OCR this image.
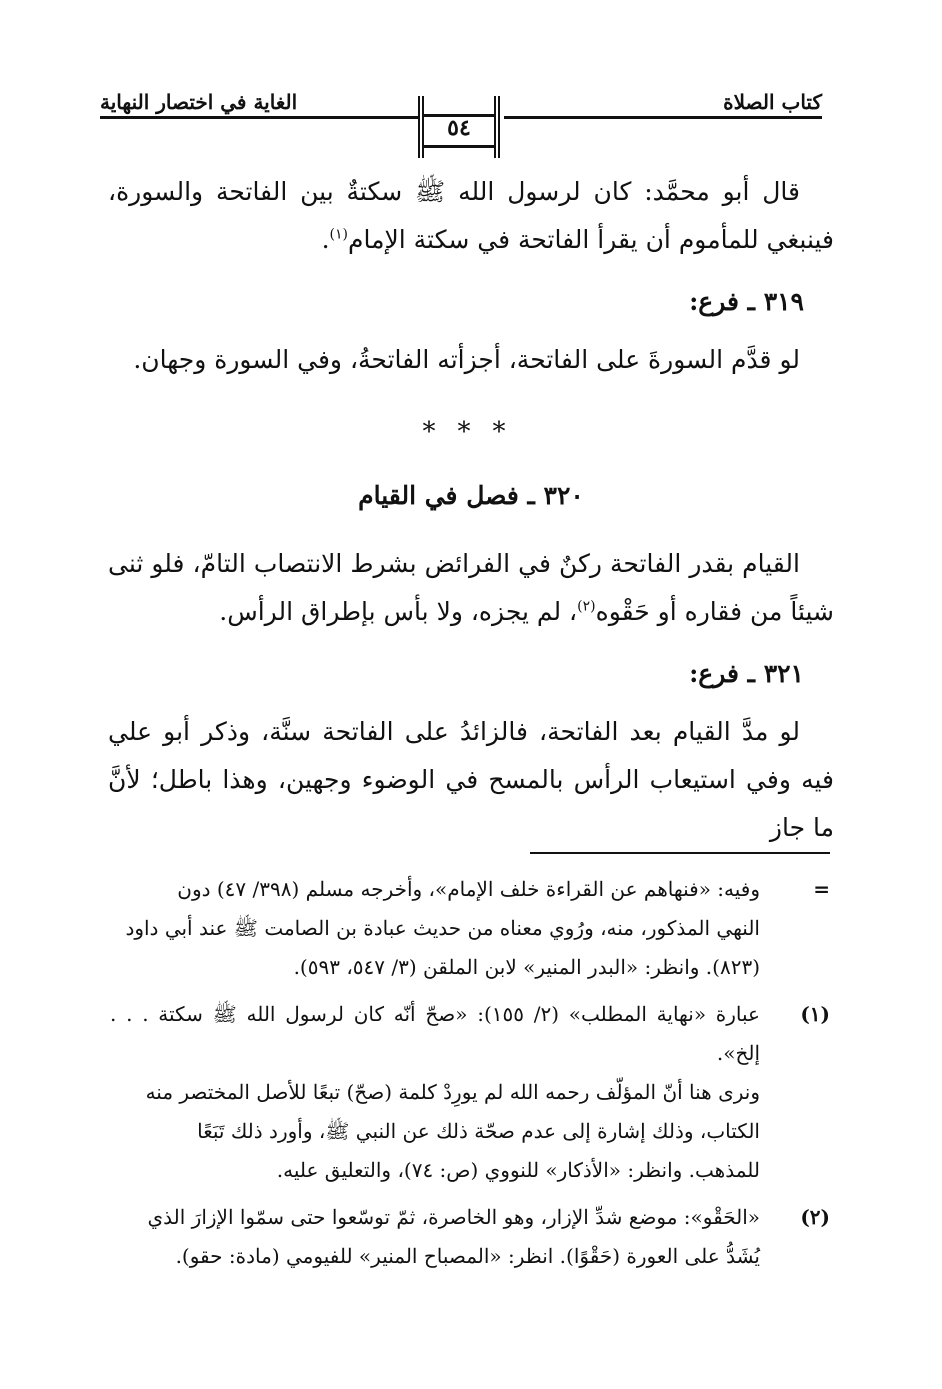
كتاب الصلاة
الغاية في اختصار النهاية
٥٤

قال أبو محمَّد: كان لرسول الله ﷺ سكتةٌ بين الفاتحة والسورة، فينبغي للمأموم أن يقرأ الفاتحة في سكتة الإمام$^{(١)}$.

٣١٩ ـ فرع:

لو قدَّم السورةَ على الفاتحة، أجزأته الفاتحةُ، وفي السورة وجهان.

***
٣٢٠ ـ فصل في القيام

القيام بقدر الفاتحة ركنٌ في الفرائض بشرط الانتصاب التامّ، فلو ثنى شيئاً من فقاره أو حَقْوه$^{(٢)}$، لم يجزه، ولا بأس بإطراق الرأس.

٣٢١ ـ فرع:

لو مدَّ القيام بعد الفاتحة، فالزائدُ على الفاتحة سنَّة، وذكر أبو علي فيه وفي استيعاب الرأس بالمسح في الوضوء وجهين، وهذا باطل؛ لأنَّ ما جاز

=
وفيه: «فنهاهم عن القراءة خلف الإمام»، وأخرجه مسلم (٣٩٨/ ٤٧) دون
النهي المذكور، منه، ورُوي معناه من حديث عبادة بن الصامت ﷺ عند أبي داود
(٨٢٣). وانظر: «البدر المنير» لابن الملقن (٣/ ٥٤٧، ٥٩٣).
(١)
عبارة «نهاية المطلب» (٢/ ١٥٥): «صحّ أنّه كان لرسول الله ﷺ سكتة . . . إلخ».
ونرى هنا أنّ المؤلّف رحمه الله لم يورِدْ كلمة (صحّ) تبعًا للأصل المختصر منه
الكتاب، وذلك إشارة إلى عدم صحّة ذلك عن النبي ﷺ، وأورد ذلك تَبَعًا
للمذهب. وانظر: «الأذكار» للنووي (ص: ٧٤)، والتعليق عليه.
(٢)
«الحَقْو»: موضع شدِّ الإزار، وهو الخاصرة، ثمّ توسّعوا حتى سمّوا الإزارَ الذي
يُشَدُّ على العورة (حَقْوًا). انظر: «المصباح المنير» للفيومي (مادة: حقو).
